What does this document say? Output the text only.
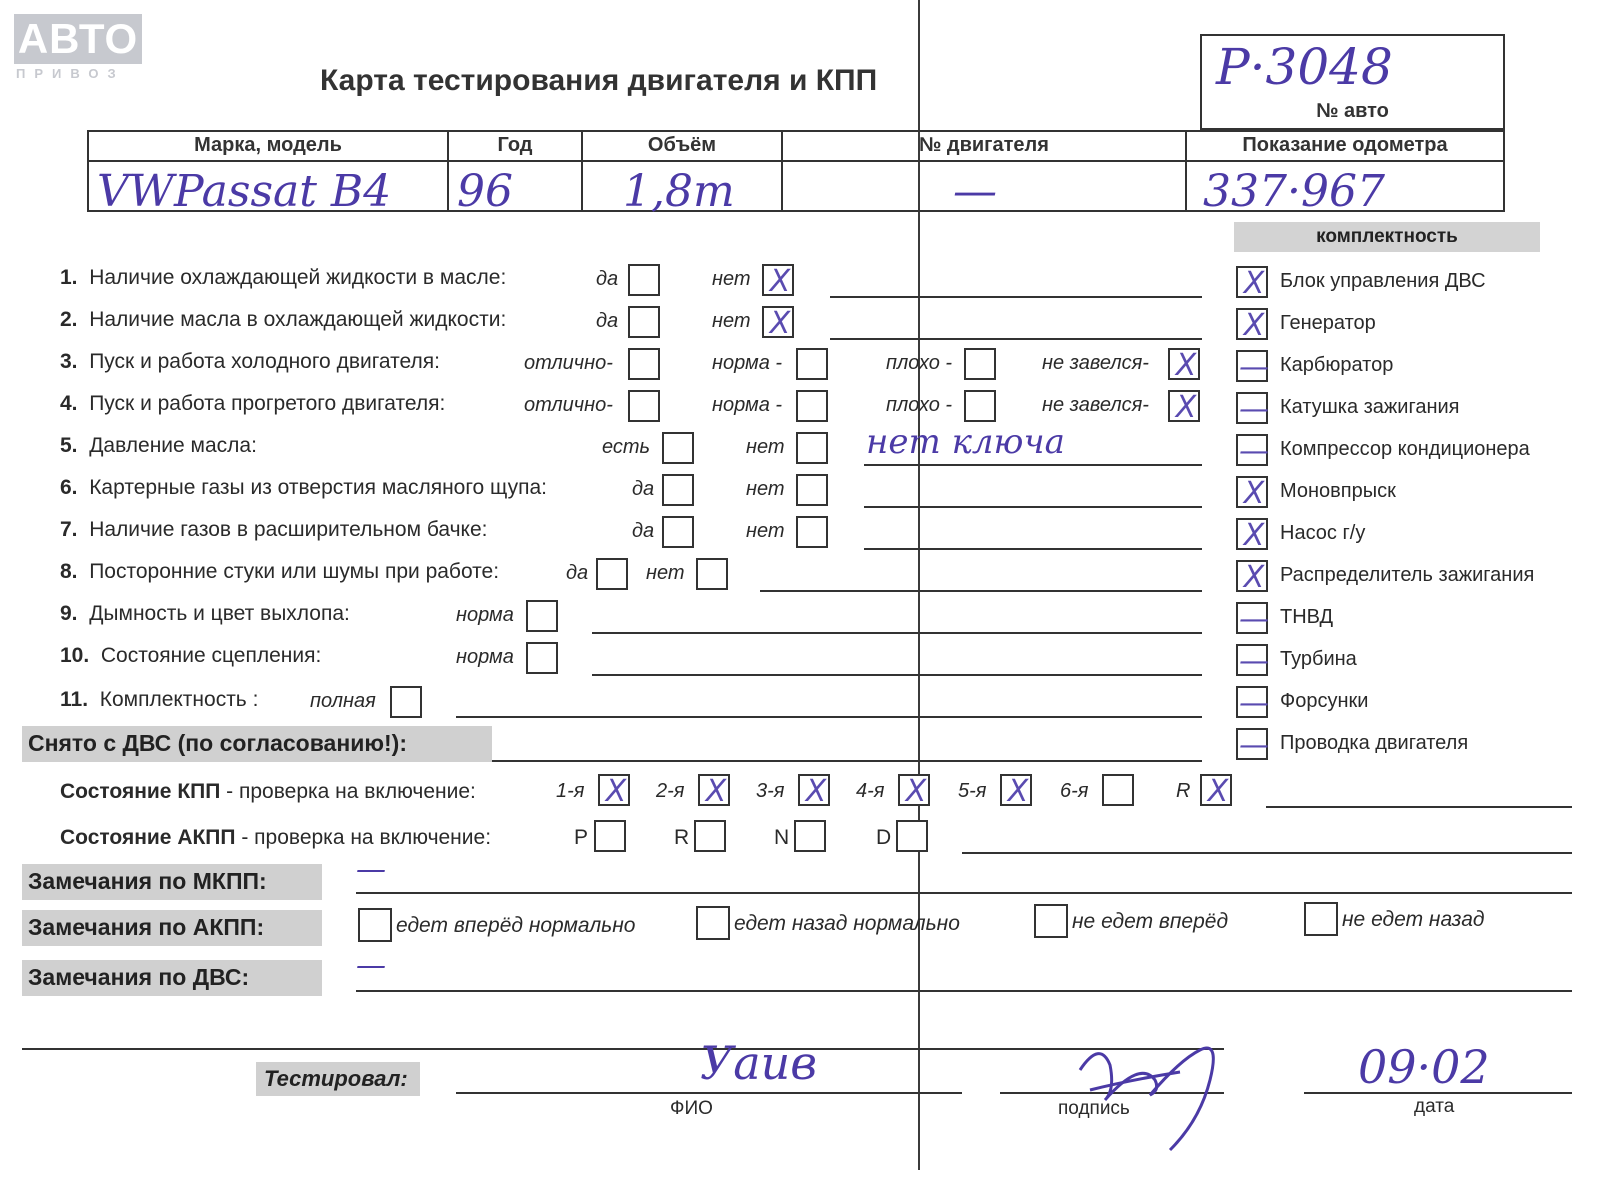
АВТО
ПРИВОЗ	Карта тестирования двигателя и КПП	P·3048
№ авто
Марка, модель
VWPassat B4
Год
96
Объём
1,8m
№ двигателя
—
Показание одометра
337·967
1. Наличие охлаждающей жидкости в масле:	да	нет X
2. Наличие масла в охлаждающей жидкости:	да	нет X
3. Пуск и работа холодного двигателя:	отлично-	норма -	плохо -	не завелся- X
4. Пуск и работа прогретого двигателя:	отлично-	норма -	плохо -	не завелся- X
5. Давление масла:	есть	нет нет ключа
6. Картерные газы из отверстия масляного щупа:	да	нет
7. Наличие газов в расширительном бачке:	да	нет
8. Посторонние стуки или шумы при работе:	да	нет
9. Дымность и цвет выхлопа:	норма
10. Состояние сцепления:	норма
11. Комплектность :	полная
комплектность
X Блок управления ДВС
X Генератор
— Карбюратор
— Катушка зажигания
— Компрессор кондиционера
X Моновпрыск
X Насос г/у
X Распределитель зажигания
— ТНВД
— Турбина
— Форсунки
— Проводка двигателя
Снято с ДВС (по согласованию!):
Состояние КПП - проверка на включение:	1-я X 2-я X 3-я X 4-я X 5-я X 6-я	R X
Состояние АКПП - проверка на включение:	P	R	N	D
Замечания по МКПП:	—
Замечания по АКПП:	едет вперёд нормально	едет назад нормально	не едет вперёд	не едет назад
Замечания по ДВС:	—
Тестировал:	Уаив
ФИО	подпись
09·02
дата
